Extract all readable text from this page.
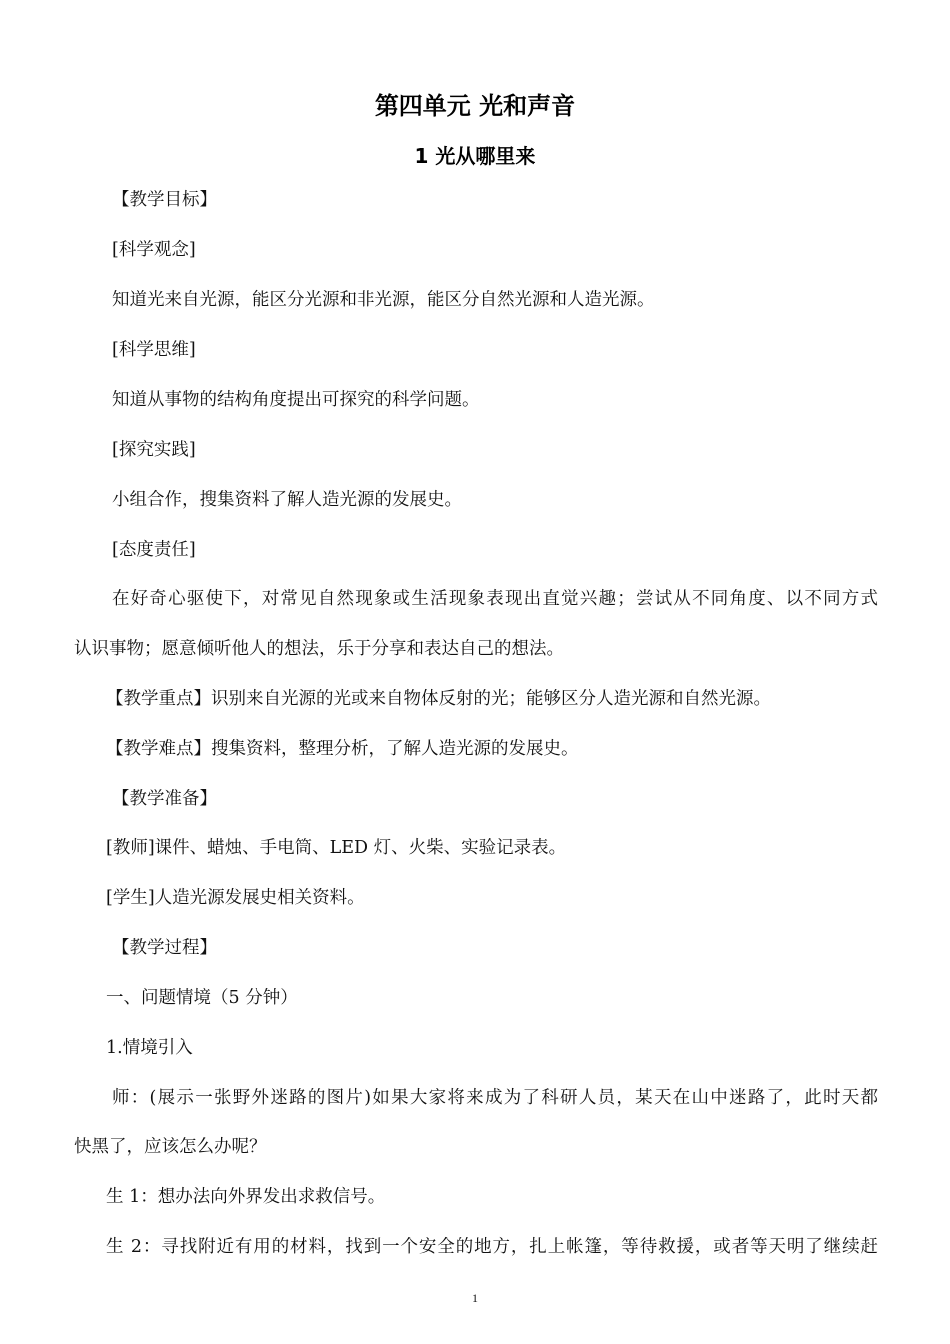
第四单元 光和声音
1 光从哪里来
【教学目标】
[科学观念]
知道光来自光源，能区分光源和非光源，能区分自然光源和人造光源。
[科学思维]
知道从事物的结构角度提出可探究的科学问题。
[探究实践]
小组合作，搜集资料了解人造光源的发展史。
[态度责任]
在好奇心驱使下，对常见自然现象或生活现象表现出直觉兴趣；尝试从不同角度、以不同方式
认识事物；愿意倾听他人的想法，乐于分享和表达自己的想法。
【教学重点】识别来自光源的光或来自物体反射的光；能够区分人造光源和自然光源。
【教学难点】搜集资料，整理分析，了解人造光源的发展史。
【教学准备】
[教师]课件、蜡烛、手电筒、LED 灯、火柴、实验记录表。
[学生]人造光源发展史相关资料。
【教学过程】
一、问题情境（5 分钟）
1.情境引入
师：(展示一张野外迷路的图片)如果大家将来成为了科研人员，某天在山中迷路了，此时天都
快黑了，应该怎么办呢？
生 1：想办法向外界发出求救信号。
生 2：寻找附近有用的材料，找到一个安全的地方，扎上帐篷，等待救援，或者等天明了继续赶
1
